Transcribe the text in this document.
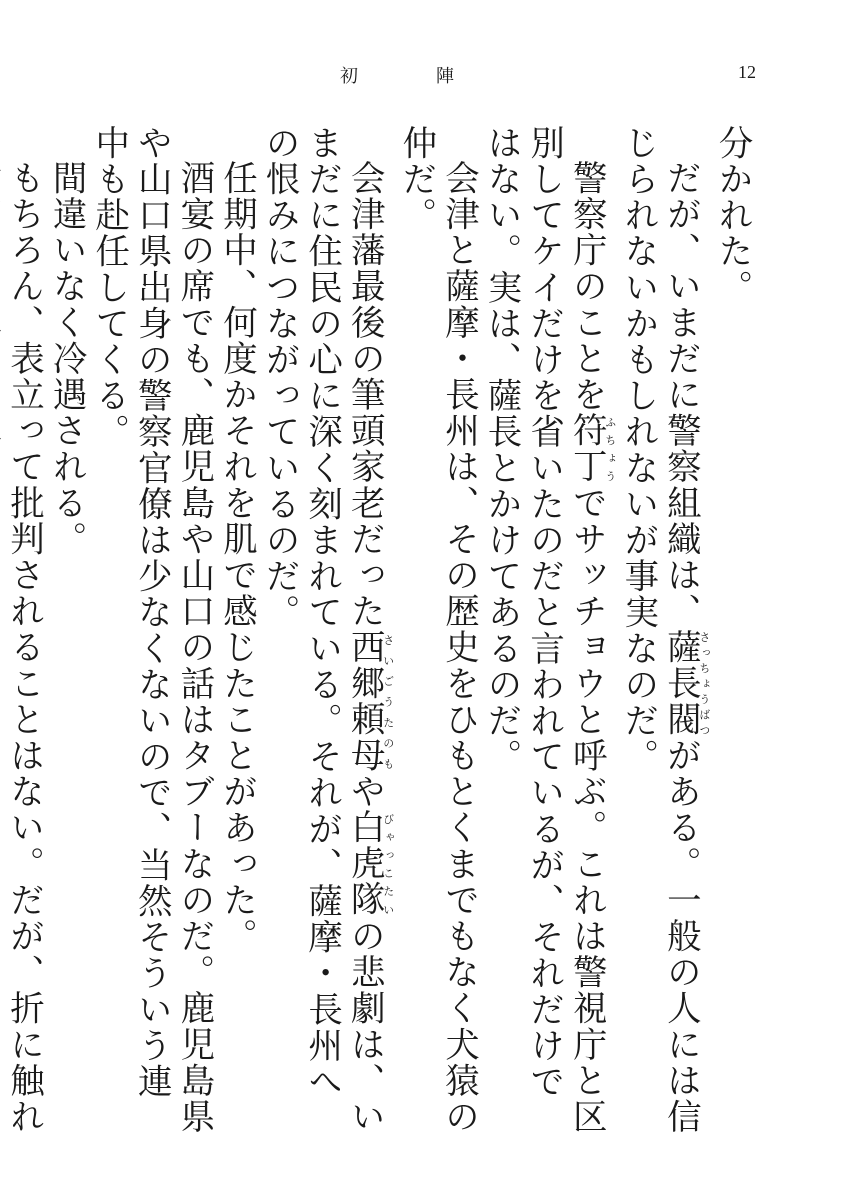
初　陣	12

分かれた。

だが、いまだに警察組織は、薩長閥さっちょうばつがある。一般の人には信じられないかもしれないが事実なのだ。

警察庁のことを符丁ふちょうでサッチョウと呼ぶ。これは警視庁と区別してケイだけを省いたのだと言われているが、それだけではない。実は、薩長とかけてあるのだ。

会津と薩摩・長州は、その歴史をひもとくまでもなく犬猿の仲だ。

会津藩最後の筆頭家老だった西郷頼母さいごうたのもや白虎隊びゃっこたいの悲劇は、いまだに住民の心に深く刻まれている。それが、薩摩・長州への恨みにつながっているのだ。

任期中、何度かそれを肌で感じたことがあった。

酒宴の席でも、鹿児島や山口の話はタブーなのだ。鹿児島県や山口県出身の警察官僚は少なくないので、当然そういう連中も赴任してくる。

間違いなく冷遇される。

もちろん、表立って批判されることはない。だが、折に触れ
